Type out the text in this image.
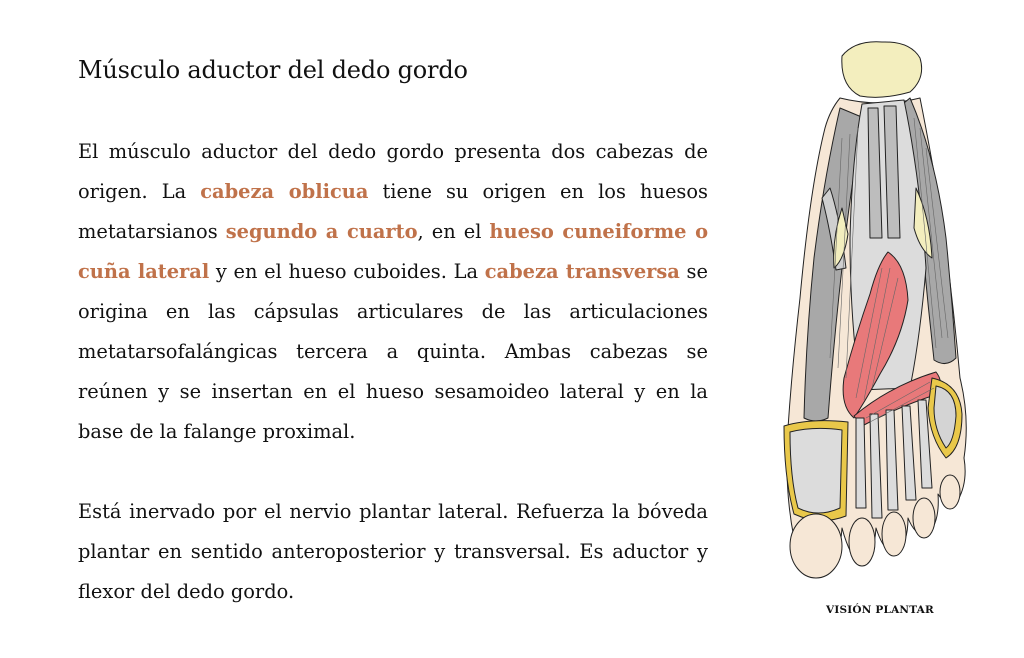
Músculo aductor del dedo gordo

El músculo aductor del dedo gordo presenta dos cabezas de origen. La cabeza oblicua tiene su origen en los huesos metatarsianos segundo a cuarto, en el hueso cuneiforme o cuña lateral y en el hueso cuboides. La cabeza transversa se origina en las cápsulas articulares de las articulaciones metatarsofalángicas tercera a quinta. Ambas cabezas se reúnen y se insertan en el hueso sesamoideo lateral y en la base de la falange proximal.

Está inervado por el nervio plantar lateral. Refuerza la bóveda plantar en sentido anteroposterior y transversal. Es aductor y flexor del dedo gordo.

VISIÓN PLANTAR
